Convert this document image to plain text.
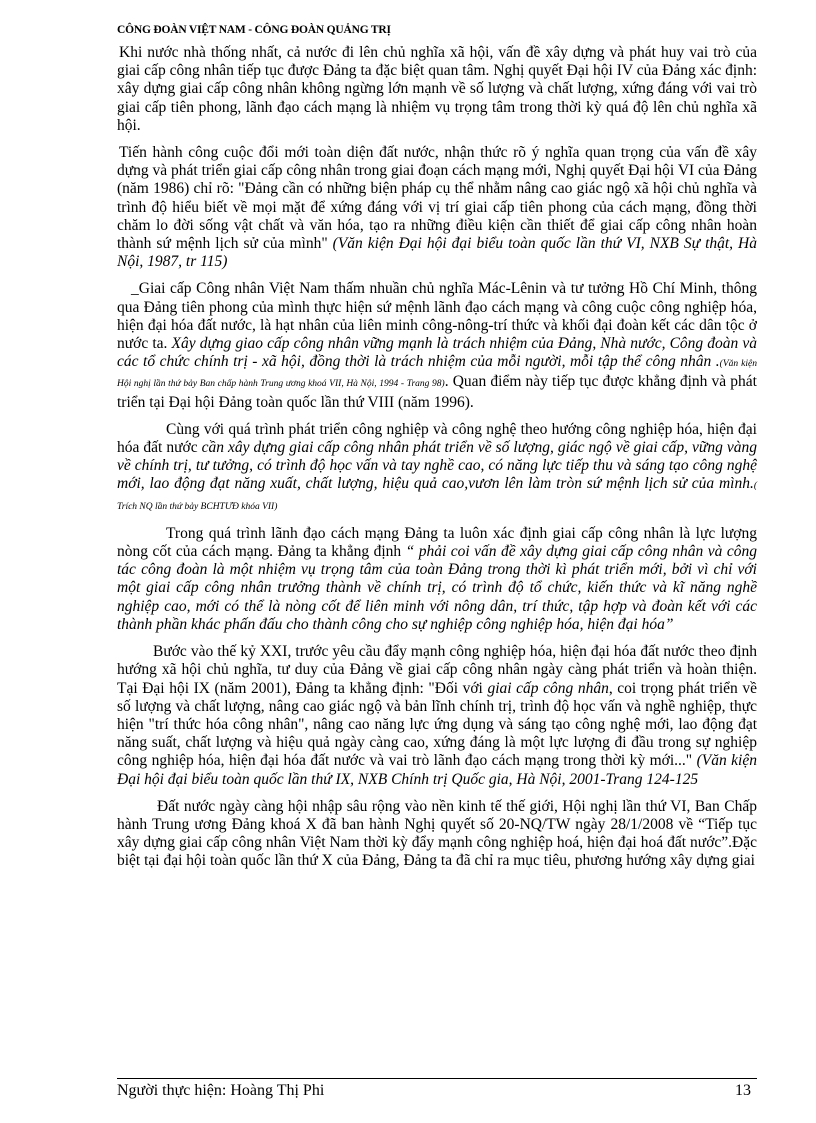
CÔNG ĐOÀN VIỆT NAM - CÔNG ĐOÀN QUẢNG TRỊ

Khi nước nhà thống nhất, cả nước đi lên chủ nghĩa xã hội, vấn đề xây dựng và phát huy vai trò của giai cấp công nhân tiếp tục được Đảng ta đặc biệt quan tâm. Nghị quyết Đại hội IV của Đảng xác định: xây dựng giai cấp công nhân không ngừng lớn mạnh về số lượng và chất lượng, xứng đáng với vai trò giai cấp tiên phong, lãnh đạo cách mạng là nhiệm vụ trọng tâm trong thời kỳ quá độ lên chủ nghĩa xã hội.

Tiến hành công cuộc đổi mới toàn diện đất nước, nhận thức rõ ý nghĩa quan trọng của vấn đề xây dựng và phát triển giai cấp công nhân trong giai đoạn cách mạng mới, Nghị quyết Đại hội VI của Đảng (năm 1986) chỉ rõ: "Đảng cần có những biện pháp cụ thể nhằm nâng cao giác ngộ xã hội chủ nghĩa và trình độ hiểu biết về mọi mặt để xứng đáng với vị trí giai cấp tiên phong của cách mạng, đồng thời chăm lo đời sống vật chất và văn hóa, tạo ra những điều kiện cần thiết để giai cấp công nhân hoàn thành sứ mệnh lịch sử của mình" (Văn kiện Đại hội đại biểu toàn quốc lần thứ VI, NXB Sự thật, Hà Nội, 1987, tr 115)

_Giai cấp Công nhân Việt Nam thấm nhuần chủ nghĩa Mác-Lênin và tư tưởng Hồ Chí Minh, thông qua Đảng tiên phong của mình thực hiện sứ mệnh lãnh đạo cách mạng và công cuộc công nghiệp hóa, hiện đại hóa đất nước, là hạt nhân của liên minh công-nông-trí thức và khối đại đoàn kết các dân tộc ở nước ta. Xây dựng giao cấp công nhân vững mạnh là trách nhiệm của Đảng, Nhà nước, Công đoàn và các tổ chức chính trị - xã hội, đồng thời là trách nhiệm của mỗi người, mỗi tập thể công nhân .(Văn kiện Hội nghị lần thứ bảy Ban chấp hành Trung ương khoá VII, Hà Nội, 1994 - Trang 98). Quan điểm này tiếp tục được khẳng định và phát triển tại Đại hội Đảng toàn quốc lần thứ VIII (năm 1996).

Cùng với quá trình phát triển công nghiệp và công nghệ theo hướng công nghiệp hóa, hiện đại hóa đất nước cần xây dựng giai cấp công nhân phát triển về số lượng, giác ngộ về giai cấp, vững vàng về chính trị, tư tưởng, có trình độ học vấn và tay nghề cao, có năng lực tiếp thu và sáng tạo công nghệ mới, lao động đạt năng xuất, chất lượng, hiệu quả cao,vươn lên làm tròn sứ mệnh lịch sử của mình.( Trích NQ lần thứ bảy BCHTƯĐ khóa VII)

Trong quá trình lãnh đạo cách mạng Đảng ta luôn xác định giai cấp công nhân là lực lượng nòng cốt của cách mạng. Đảng ta khẳng định “ phải coi vấn đề xây dựng giai cấp công nhân và công tác công đoàn là một nhiệm vụ trọng tâm của toàn Đảng trong thời kì phát triển mới, bởi vì chỉ với một giai cấp công nhân trưởng thành về chính trị, có trình độ tổ chức, kiến thức và kĩ năng nghề nghiệp cao, mới có thể là nòng cốt để liên minh với nông dân, trí thức, tập hợp và đoàn kết với các thành phần khác phấn đấu cho thành công cho sự nghiệp công nghiệp hóa, hiện đại hóa”

Bước vào thế kỷ XXI, trước yêu cầu đẩy mạnh công nghiệp hóa, hiện đại hóa đất nước theo định hướng xã hội chủ nghĩa, tư duy của Đảng về giai cấp công nhân ngày càng phát triển và hoàn thiện. Tại Đại hội IX (năm 2001), Đảng ta khẳng định: "Đối với giai cấp công nhân, coi trọng phát triển về số lượng và chất lượng, nâng cao giác ngộ và bản lĩnh chính trị, trình độ học vấn và nghề nghiệp, thực hiện "trí thức hóa công nhân", nâng cao năng lực ứng dụng và sáng tạo công nghệ mới, lao động đạt năng suất, chất lượng và hiệu quả ngày càng cao, xứng đáng là một lực lượng đi đầu trong sự nghiệp công nghiệp hóa, hiện đại hóa đất nước và vai trò lãnh đạo cách mạng trong thời kỳ mới..." (Văn kiện Đại hội đại biểu toàn quốc lần thứ IX, NXB Chính trị Quốc gia, Hà Nội, 2001-Trang 124-125

Đất nước ngày càng hội nhập sâu rộng vào nền kinh tế thế giới, Hội nghị lần thứ VI, Ban Chấp hành Trung ương Đảng khoá X đã ban hành Nghị quyết số 20-NQ/TW ngày 28/1/2008 về “Tiếp tục xây dựng giai cấp công nhân Việt Nam thời kỳ đẩy mạnh công nghiệp hoá, hiện đại hoá đất nước”.Đặc biệt tại đại hội toàn quốc lần thứ X của Đảng, Đảng ta đã chỉ ra mục tiêu, phương hướng xây dựng giai

Người thực hiện: Hoàng Thị Phi	13
